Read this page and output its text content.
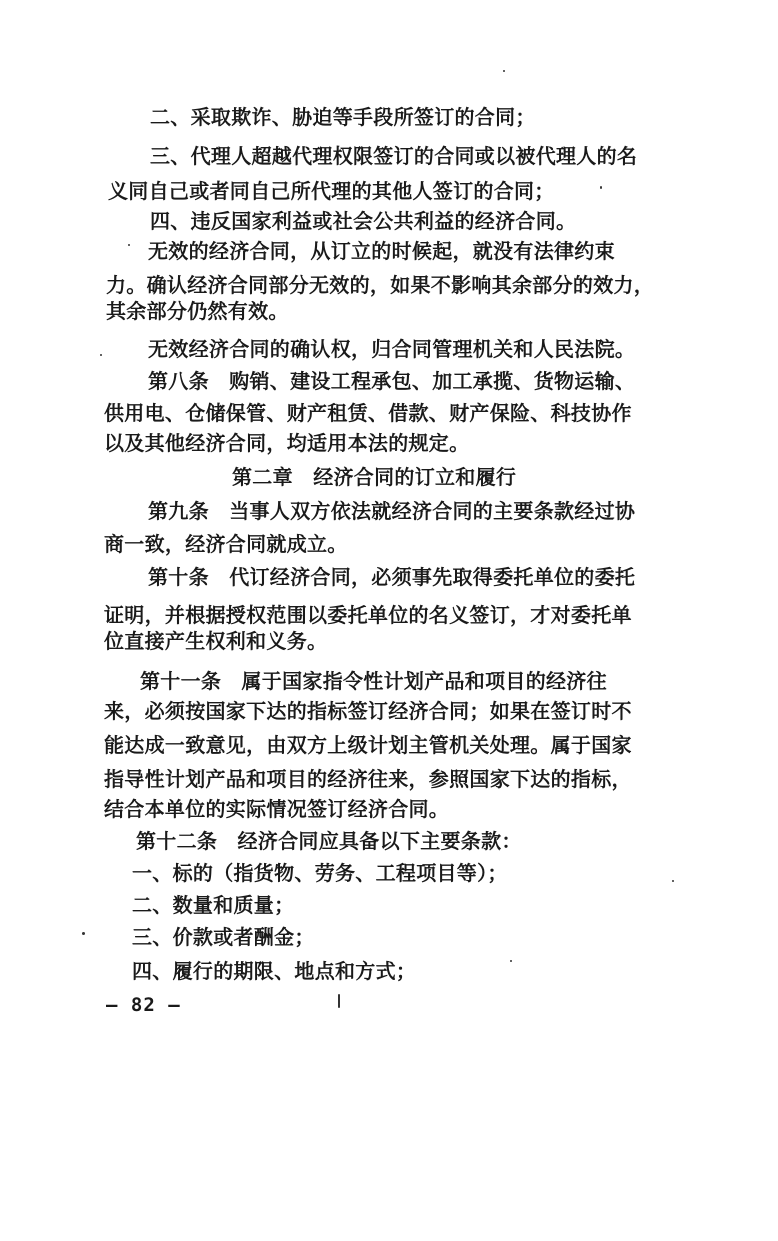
二、采取欺诈、胁迫等手段所签订的合同；
三、代理人超越代理权限签订的合同或以被代理人的名
义同自己或者同自己所代理的其他人签订的合同；
四、违反国家利益或社会公共利益的经济合同。
无效的经济合同，从订立的时候起，就没有法律约束
力。确认经济合同部分无效的，如果不影响其余部分的效力，
其余部分仍然有效。
无效经济合同的确认权，归合同管理机关和人民法院。
第八条　购销、建设工程承包、加工承揽、货物运输、
供用电、仓储保管、财产租赁、借款、财产保险、科技协作
以及其他经济合同，均适用本法的规定。
第二章　经济合同的订立和履行
第九条　当事人双方依法就经济合同的主要条款经过协
商一致，经济合同就成立。
第十条　代订经济合同，必须事先取得委托单位的委托
证明，并根据授权范围以委托单位的名义签订，才对委托单
位直接产生权利和义务。
第十一条　属于国家指令性计划产品和项目的经济往
来，必须按国家下达的指标签订经济合同；如果在签订时不
能达成一致意见，由双方上级计划主管机关处理。属于国家
指导性计划产品和项目的经济往来，参照国家下达的指标，
结合本单位的实际情况签订经济合同。
第十二条　经济合同应具备以下主要条款：
一、标的（指货物、劳务、工程项目等）；
二、数量和质量；
三、价款或者酬金；
四、履行的期限、地点和方式；
— 82 —
